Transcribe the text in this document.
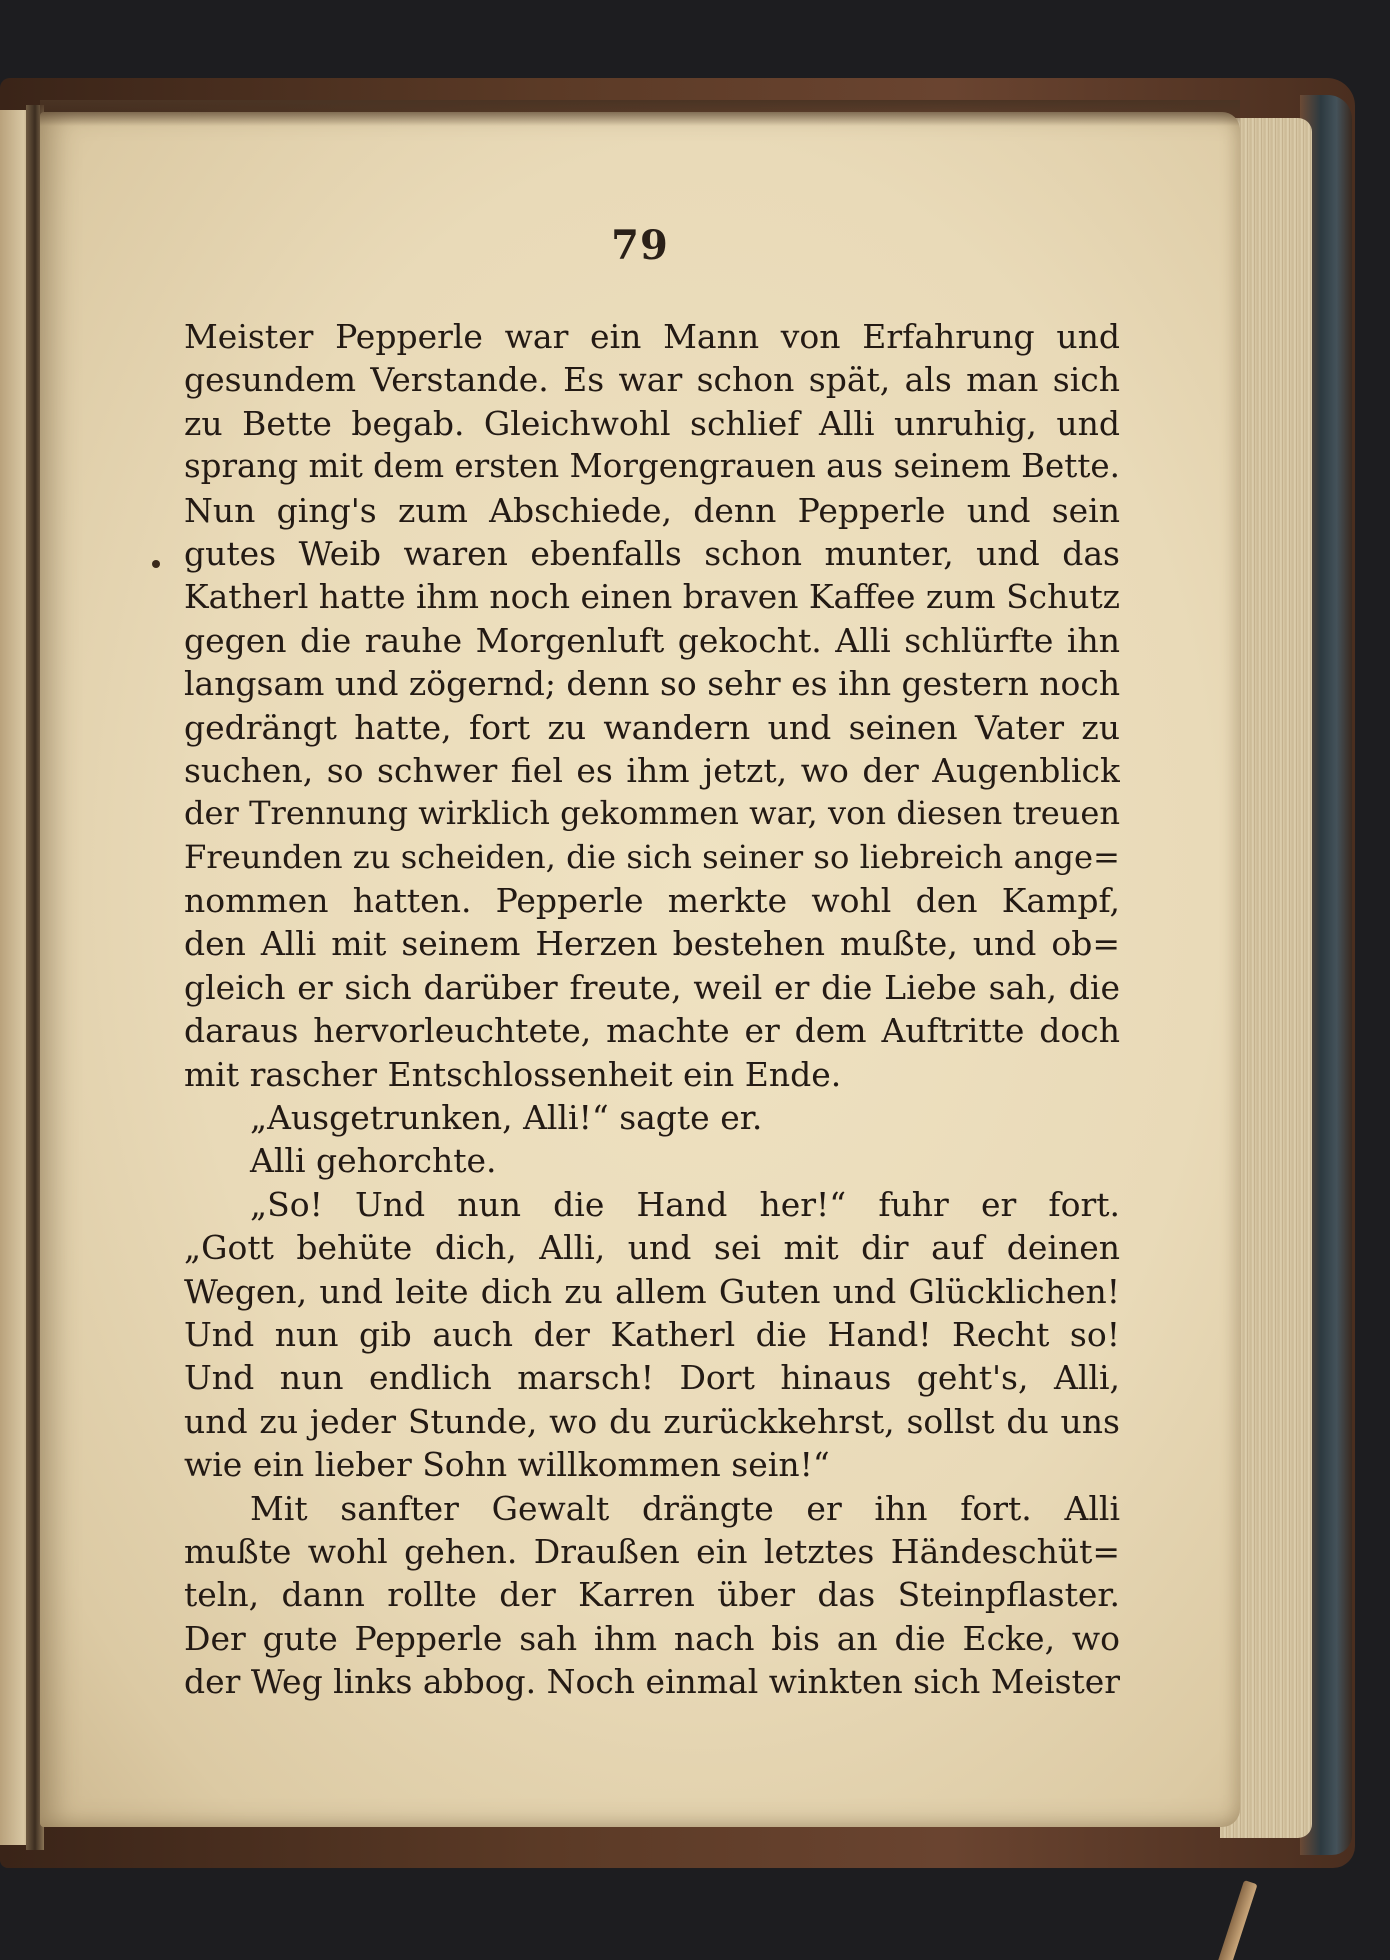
79
Meister Pepperle war ein Mann von Erfahrung und
gesundem Verstande. Es war schon spät, als man sich
zu Bette begab. Gleichwohl schlief Alli unruhig, und
sprang mit dem ersten Morgengrauen aus seinem Bette.
Nun ging's zum Abschiede, denn Pepperle und sein
gutes Weib waren ebenfalls schon munter, und das
Katherl hatte ihm noch einen braven Kaffee zum Schutz
gegen die rauhe Morgenluft gekocht. Alli schlürfte ihn
langsam und zögernd; denn so sehr es ihn gestern noch
gedrängt hatte, fort zu wandern und seinen Vater zu
suchen, so schwer fiel es ihm jetzt, wo der Augenblick
der Trennung wirklich gekommen war, von diesen treuen
Freunden zu scheiden, die sich seiner so liebreich ange=
nommen hatten. Pepperle merkte wohl den Kampf,
den Alli mit seinem Herzen bestehen mußte, und ob=
gleich er sich darüber freute, weil er die Liebe sah, die
daraus hervorleuchtete, machte er dem Auftritte doch
mit rascher Entschlossenheit ein Ende.
„Ausgetrunken, Alli!“ sagte er.
Alli gehorchte.
„So! Und nun die Hand her!“ fuhr er fort.
„Gott behüte dich, Alli, und sei mit dir auf deinen
Wegen, und leite dich zu allem Guten und Glücklichen!
Und nun gib auch der Katherl die Hand! Recht so!
Und nun endlich marsch! Dort hinaus geht's, Alli,
und zu jeder Stunde, wo du zurückkehrst, sollst du uns
wie ein lieber Sohn willkommen sein!“
Mit sanfter Gewalt drängte er ihn fort. Alli
mußte wohl gehen. Draußen ein letztes Händeschüt=
teln, dann rollte der Karren über das Steinpflaster.
Der gute Pepperle sah ihm nach bis an die Ecke, wo
der Weg links abbog. Noch einmal winkten sich Meister
